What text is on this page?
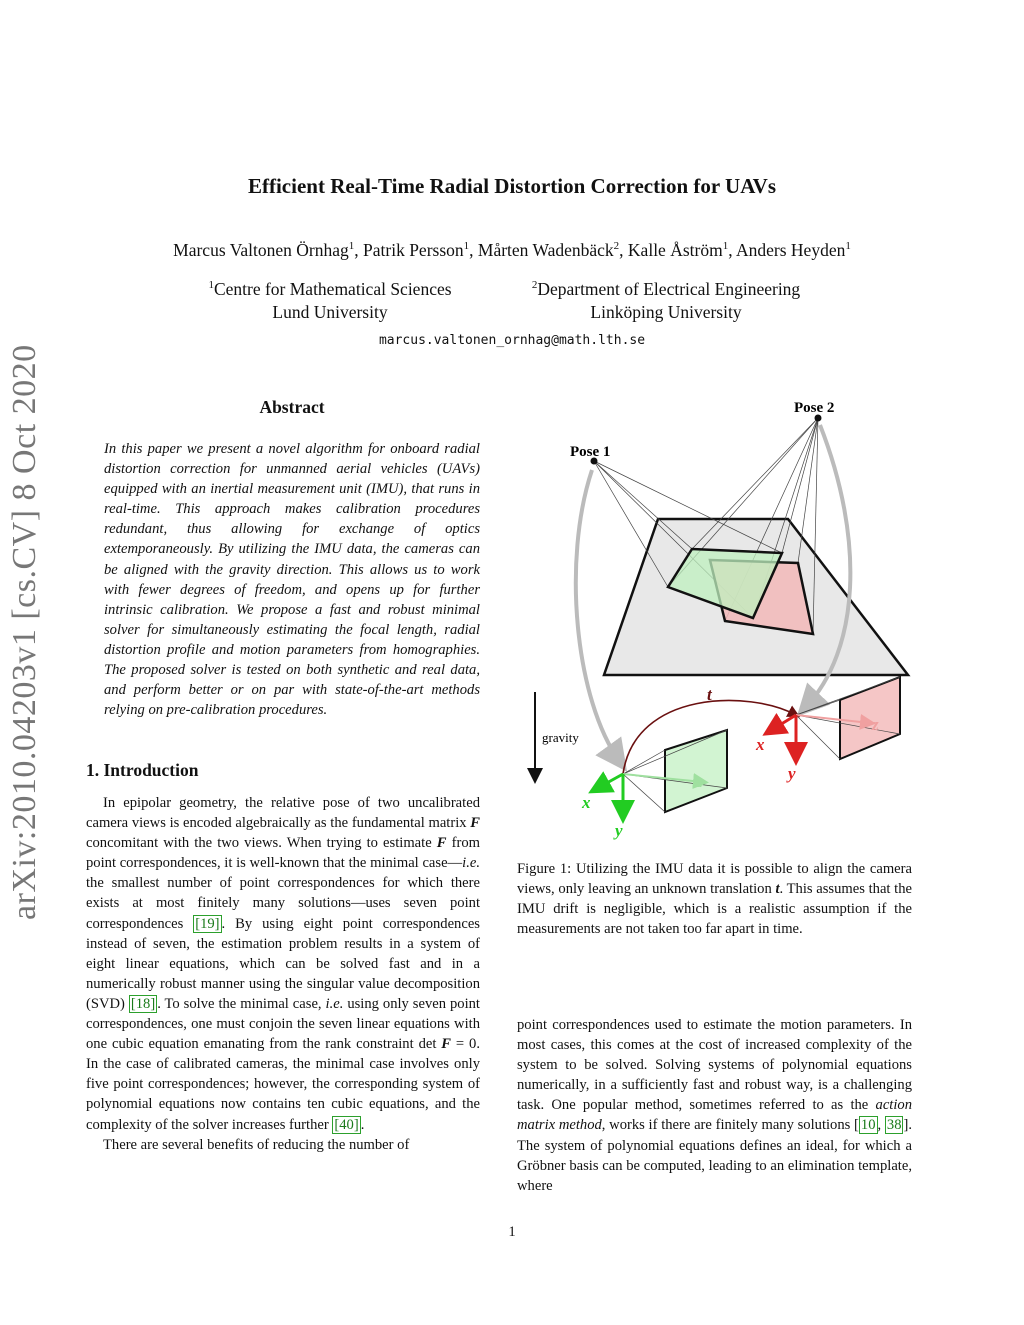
Efficient Real-Time Radial Distortion Correction for UAVs
Marcus Valtonen Örnhag$^1$, Patrik Persson$^1$, Mårten Wadenbäck$^2$, Kalle Åström$^1$, Anders Heyden$^1$
$^1$Centre for Mathematical Sciences
Lund University
$^2$Department of Electrical Engineering
Linköping University
marcus.valtonen_ornhag@math.lth.se
arXiv:2010.04203v1 [cs.CV] 8 Oct 2020	Abstract
In this paper we present a novel algorithm for onboard radial distortion correction for unmanned aerial vehicles (UAVs) equipped with an inertial measurement unit (IMU), that runs in real-time. This approach makes calibration procedures redundant, thus allowing for exchange of optics extemporaneously. By utilizing the IMU data, the cameras can be aligned with the gravity direction. This allows us to work with fewer degrees of freedom, and opens up for further intrinsic calibration. We propose a fast and robust minimal solver for simultaneously estimating the focal length, radial distortion profile and motion parameters from homographies. The proposed solver is tested on both synthetic and real data, and perform better or on par with state-of-the-art methods relying on pre-calibration procedures.
1. Introduction

In epipolar geometry, the relative pose of two uncalibrated camera views is encoded algebraically as the fundamental matrix F concomitant with the two views. When trying to estimate F from point correspondences, it is well-known that the minimal case—i.e. the smallest number of point correspondences for which there exists at most finitely many solutions—uses seven point correspondences [19] . By using eight point correspondences instead of seven, the estimation problem results in a system of eight linear equations, which can be solved fast and in a numerically robust manner using the singular value decomposition (SVD) [18] . To solve the minimal case, i.e. using only seven point correspondences, one must conjoin the seven linear equations with one cubic equation emanating from the rank constraint det F = 0. In the case of calibrated cameras, the minimal case involves only five point correspondences; however, the corresponding system of polynomial equations now contains ten cubic equations, and the complexity of the solver increases further [40] .

There are several benefits of reducing the number of

point correspondences used to estimate the motion parameters. In most cases, this comes at the cost of increased complexity of the system to be solved. Solving systems of polynomial equations numerically, in a sufficiently fast and robust way, is a challenging task. One popular method, sometimes referred to as the action matrix method, works if there are finitely many solutions [ 10 , 38 ]. The system of polynomial equations defines an ideal, for which a Gröbner basis can be computed, leading to an elimination template, where

Pose 1
Pose 2
gravity
t
z
x
y
z
x
y
Figure 1: Utilizing the IMU data it is possible to align the camera views, only leaving an unknown translation t. This assumes that the IMU drift is negligible, which is a realistic assumption if the measurements are not taken too far apart in time.
1
